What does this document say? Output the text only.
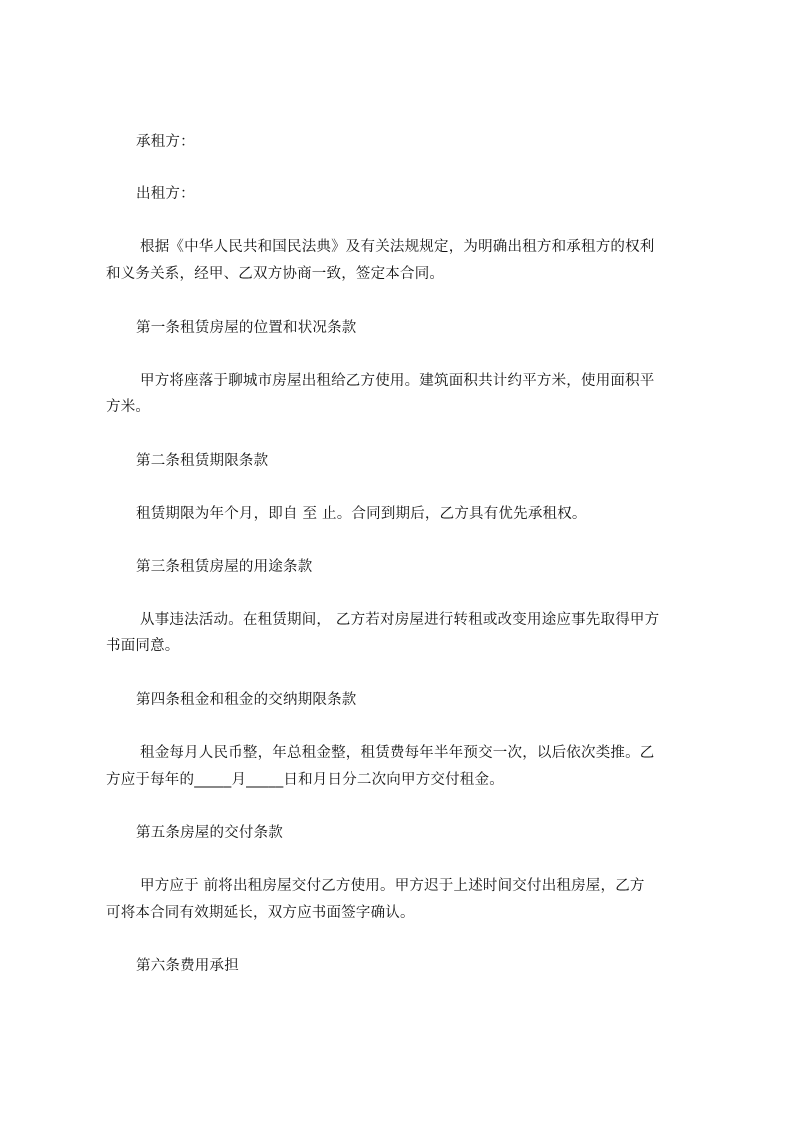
承租方：
出租方：
根据《中华人民共和国民法典》及有关法规规定，为明确出租方和承租方的权利
和义务关系，经甲、乙双方协商一致，签定本合同。
第一条租赁房屋的位置和状况条款
甲方将座落于聊城市房屋出租给乙方使用。建筑面积共计约平方米，使用面积平
方米。
第二条租赁期限条款
租赁期限为年个月，即自 至 止。合同到期后，乙方具有优先承租权。
第三条租赁房屋的用途条款
从事违法活动。在租赁期间， 乙方若对房屋进行转租或改变用途应事先取得甲方
书面同意。
第四条租金和租金的交纳期限条款
租金每月人民币整，年总租金整，租赁费每年半年预交一次，以后依次类推。乙
方应于每年的_____月_____日和月日分二次向甲方交付租金。
第五条房屋的交付条款
甲方应于 前将出租房屋交付乙方使用。甲方迟于上述时间交付出租房屋，乙方
可将本合同有效期延长，双方应书面签字确认。
第六条费用承担
